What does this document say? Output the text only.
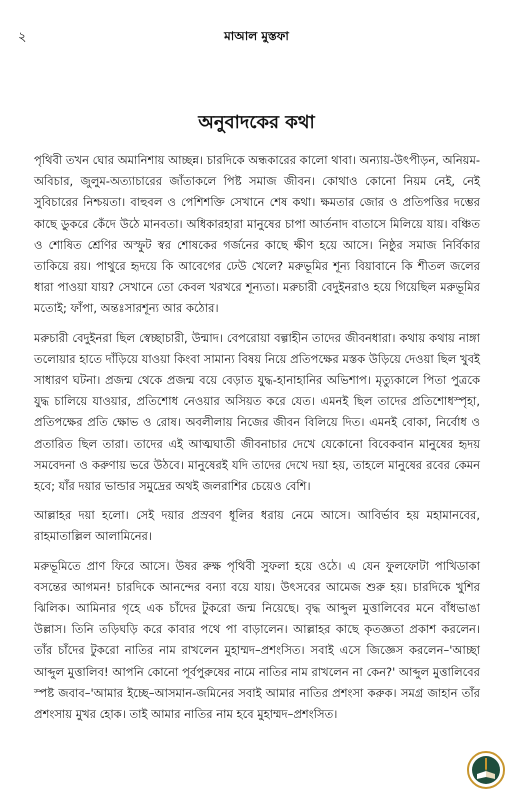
২	মাআল মুস্তফা
অনুবাদকের কথা

পৃথিবী তখন ঘোর অমানিশায় আচ্ছন্ন। চারদিকে অন্ধকারের কালো থাবা। অন্যায়-উৎপীড়ন, অনিয়ম- অবিচার, জুলুম-অত্যাচারের জাঁতাকলে পিষ্ট সমাজ জীবন। কোথাও কোনো নিয়ম নেই, নেই সুবিচারের নিশ্চয়তা। বাহুবল ও পেশিশক্তি সেখানে শেষ কথা। ক্ষমতার জোর ও প্রতিপত্তির দম্ভের কাছে ডুকরে কেঁদে উঠে মানবতা। অধিকারহারা মানুষের চাপা আর্তনাদ বাতাসে মিলিয়ে যায়। বঞ্চিত ও শোষিত শ্রেণির অস্ফুট স্বর শোষকের গর্জনের কাছে ক্ষীণ হয়ে আসে। নিষ্ঠুর সমাজ নির্বিকার তাকিয়ে রয়। পাথুরে হৃদয়ে কি আবেগের ঢেউ খেলে? মরুভূমির শূন্য বিয়াবানে কি শীতল জলের ধারা পাওয়া যায়? সেখানে তো কেবল খরখরে শূন্যতা। মরুচারী বেদুইনরাও হয়ে গিয়েছিল মরুভূমির মতোই; ফাঁপা, অন্তঃসারশূন্য আর কঠোর।

মরুচারী বেদুইনরা ছিল স্বেচ্ছাচারী, উন্মাদ। বেপরোয়া বল্গাহীন তাদের জীবনধারা। কথায় কথায় নাঙ্গা তলোয়ার হাতে দাঁড়িয়ে যাওয়া কিংবা সামান্য বিষয় নিয়ে প্রতিপক্ষের মস্তক উড়িয়ে দেওয়া ছিল খুবই সাধারণ ঘটনা। প্রজন্ম থেকে প্রজন্ম বয়ে বেড়াত যুদ্ধ-হানাহানির অভিশাপ। মৃত্যুকালে পিতা পুত্রকে যুদ্ধ চালিয়ে যাওয়ার, প্রতিশোধ নেওয়ার অসিয়ত করে যেত। এমনই ছিল তাদের প্রতিশোধস্পৃহা, প্রতিপক্ষের প্রতি ক্ষোভ ও রোষ। অবলীলায় নিজের জীবন বিলিয়ে দিত। এমনই বোকা, নির্বোধ ও প্রতারিত ছিল তারা। তাদের এই আত্মঘাতী জীবনাচার দেখে যেকোনো বিবেকবান মানুষের হৃদয় সমবেদনা ও করুণায় ভরে উঠবে। মানুষেরই যদি তাদের দেখে দয়া হয়, তাহলে মানুষের রবের কেমন হবে; যাঁর দয়ার ভান্ডার সমুদ্রের অথই জলরাশির চেয়েও বেশি।

আল্লাহর দয়া হলো। সেই দয়ার প্রস্রবণ ধূলির ধরায় নেমে আসে। আবির্ভাব হয় মহামানবের, রাহমাতাল্লিল আলামিনের।

মরুভূমিতে প্রাণ ফিরে আসে। উষর রুক্ষ পৃথিবী সুফলা হয়ে ওঠে। এ যেন ফুলফোটা পাখিডাকা বসন্তের আগমন! চারদিকে আনন্দের বন্যা বয়ে যায়। উৎসবের আমেজ শুরু হয়। চারদিকে খুশির ঝিলিক। আমিনার গৃহে এক চাঁদের টুকরো জন্ম নিয়েছে। বৃদ্ধ আব্দুল মুত্তালিবের মনে বাঁধভাঙা উল্লাস। তিনি তড়িঘড়ি করে কাবার পথে পা বাড়ালেন। আল্লাহর কাছে কৃতজ্ঞতা প্রকাশ করলেন। তাঁর চাঁদের টুকরো নাতির নাম রাখলেন মুহাম্মদ–প্রশংসিত। সবাই এসে জিজ্ঞেস করলেন–'আচ্ছা আব্দুল মুত্তালিব! আপনি কোনো পূর্বপুরুষের নামে নাতির নাম রাখলেন না কেন?' আব্দুল মুত্তালিবের স্পষ্ট জবাব–'আমার ইচ্ছে–আসমান-জমিনের সবাই আমার নাতির প্রশংসা করুক। সমগ্র জাহান তাঁর প্রশংসায় মুখর হোক। তাই আমার নাতির নাম হবে মুহাম্মদ–প্রশংসিত।
